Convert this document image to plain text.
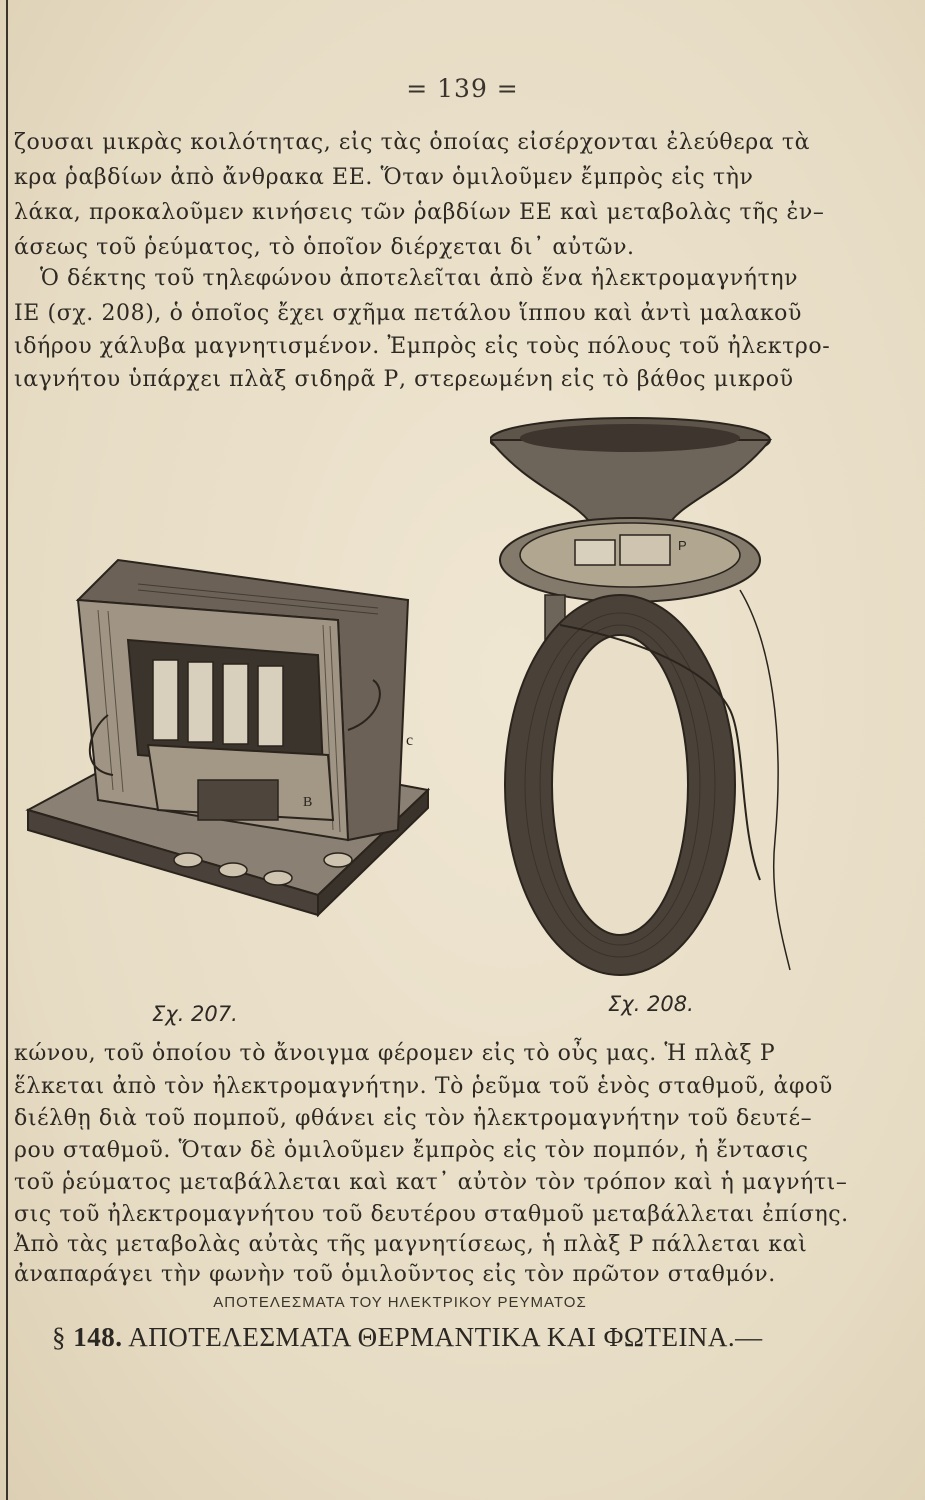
= 139 =
ζουσαι μικρὰς κοιλότητας, εἰς τὰς ὁποίας εἰσέρχονται ἐλεύθερα τὰ
κρα ῥαβδίων ἀπὸ ἄνθρακα ΕΕ. Ὅταν ὁμιλοῦμεν ἔμπρὸς εἰς τὴν
λάκα, προκαλοῦμεν κινήσεις τῶν ῥαβδίων ΕΕ καὶ μεταβολὰς τῆς ἐν–
άσεως τοῦ ῥεύματος, τὸ ὁποῖον διέρχεται δι᾽ αὐτῶν.
Ὁ δέκτης τοῦ τηλεφώνου ἀποτελεῖται ἀπὸ ἕνα ἠλεκτρομαγνήτην
ΙΕ (σχ. 208), ὁ ὁποῖος ἔχει σχῆμα πετάλου ἵππου καὶ ἀντὶ μαλακοῦ
ιδήρου χάλυβα μαγνητισμένον. Ἐμπρὸς εἰς τοὺς πόλους τοῦ ἠλεκτρο-
ιαγνήτου ὑπάρχει πλὰξ σιδηρᾶ Ρ, στερεωμένη εἰς τὸ βάθος μικροῦ
B
c
Σχ. 207.
P
Σχ. 208.
κώνου, τοῦ ὁποίου τὸ ἄνοιγμα φέρομεν εἰς τὸ οὖς μας. Ἡ πλὰξ Ρ
ἕλκεται ἀπὸ τὸν ἠλεκτρομαγνήτην. Τὸ ῥεῦμα τοῦ ἑνὸς σταθμοῦ, ἀφοῦ
διέλθῃ διὰ τοῦ πομποῦ, φθάνει εἰς τὸν ἠλεκτρομαγνήτην τοῦ δευτέ–
ρου σταθμοῦ. Ὅταν δὲ ὁμιλοῦμεν ἔμπρὸς εἰς τὸν πομπόν, ἡ ἔντασις
τοῦ ῥεύματος μεταβάλλεται καὶ κατ᾽ αὐτὸν τὸν τρόπον καὶ ἡ μαγνήτι–
σις τοῦ ἠλεκτρομαγνήτου τοῦ δευτέρου σταθμοῦ μεταβάλλεται ἐπίσης.
Ἀπὸ τὰς μεταβολὰς αὐτὰς τῆς μαγνητίσεως, ἡ πλὰξ Ρ πάλλεται καὶ
ἀναπαράγει τὴν φωνὴν τοῦ ὁμιλοῦντος εἰς τὸν πρῶτον σταθμόν.
ΑΠΟΤΕΛΕΣΜΑΤΑ ΤΟΥ ΗΛΕΚΤΡΙΚΟΥ ΡΕΥΜΑΤΟΣ
§ 148. ΑΠΟΤΕΛΕΣΜΑΤΑ ΘΕΡΜΑΝΤΙΚΑ ΚΑΙ ΦΩΤΕΙΝΑ.—
